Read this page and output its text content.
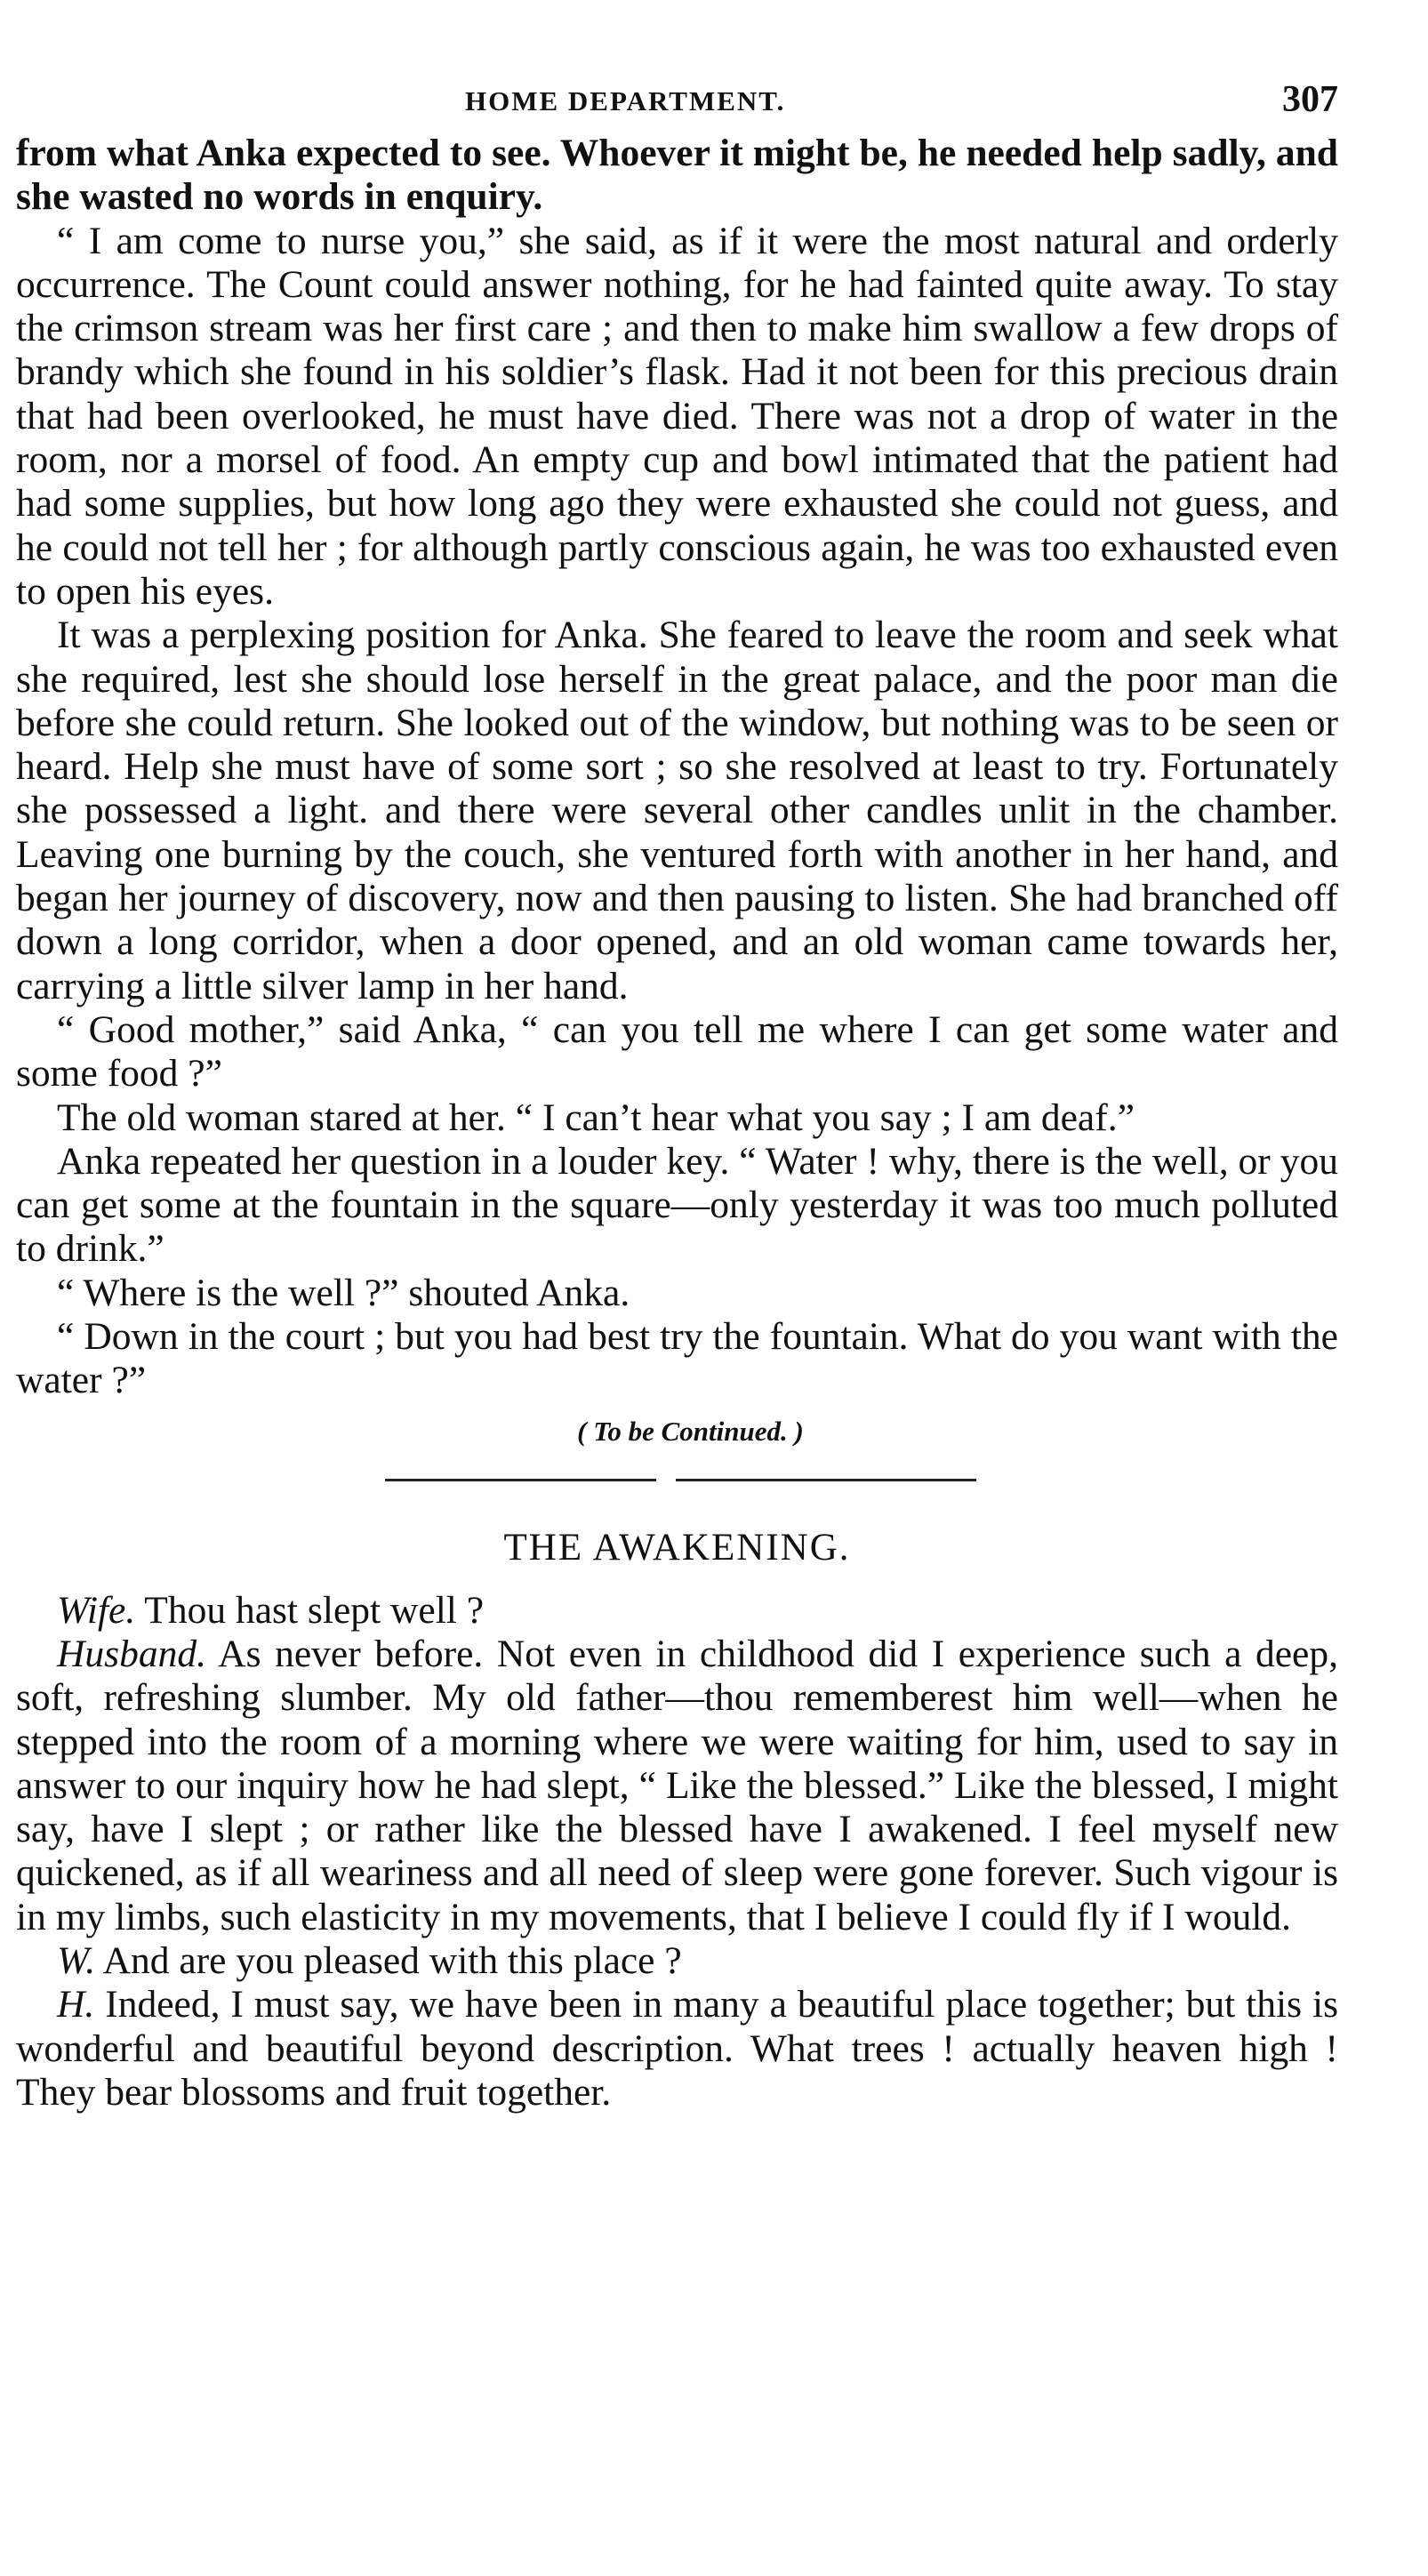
HOME DEPARTMENT.	307

from what Anka expected to see. Whoever it might be, he needed help sadly, and she wasted no words in enquiry.

“ I am come to nurse you,” she said, as if it were the most natural and orderly occurrence. The Count could answer nothing, for he had fainted quite away. To stay the crimson stream was her first care ; and then to make him swallow a few drops of brandy which she found in his soldier’s flask. Had it not been for this precious drain that had been overlooked, he must have died. There was not a drop of water in the room, nor a morsel of food. An empty cup and bowl intimated that the patient had had some supplies, but how long ago they were exhausted she could not guess, and he could not tell her ; for although partly conscious again, he was too exhausted even to open his eyes.

It was a perplexing position for Anka. She feared to leave the room and seek what she required, lest she should lose herself in the great palace, and the poor man die before she could return. She looked out of the window, but nothing was to be seen or heard. Help she must have of some sort ; so she resolved at least to try. Fortunately she possessed a light. and there were several other candles unlit in the chamber. Leaving one burning by the couch, she ventured forth with another in her hand, and began her journey of discovery, now and then pausing to listen. She had branched off down a long corridor, when a door opened, and an old woman came towards her, carrying a little silver lamp in her hand.

“ Good mother,” said Anka, “ can you tell me where I can get some water and some food ?”

The old woman stared at her. “ I can’t hear what you say ; I am deaf.”

Anka repeated her question in a louder key. “ Water ! why, there is the well, or you can get some at the fountain in the square—only yesterday it was too much polluted to drink.”

“ Where is the well ?” shouted Anka.

“ Down in the court ; but you had best try the fountain. What do you want with the water ?”

( To be Continued. )
THE AWAKENING.

Wife. Thou hast slept well ?

Husband. As never before. Not even in childhood did I experience such a deep, soft, refreshing slumber. My old father—thou rememberest him well—when he stepped into the room of a morning where we were waiting for him, used to say in answer to our inquiry how he had slept, “ Like the blessed.” Like the blessed, I might say, have I slept ; or rather like the blessed have I awakened. I feel myself new quickened, as if all weariness and all need of sleep were gone forever. Such vigour is in my limbs, such elasticity in my movements, that I believe I could fly if I would.

W. And are you pleased with this place ?

H. Indeed, I must say, we have been in many a beautiful place together; but this is wonderful and beautiful beyond description. What trees ! actually heaven high ! They bear blossoms and fruit together.
